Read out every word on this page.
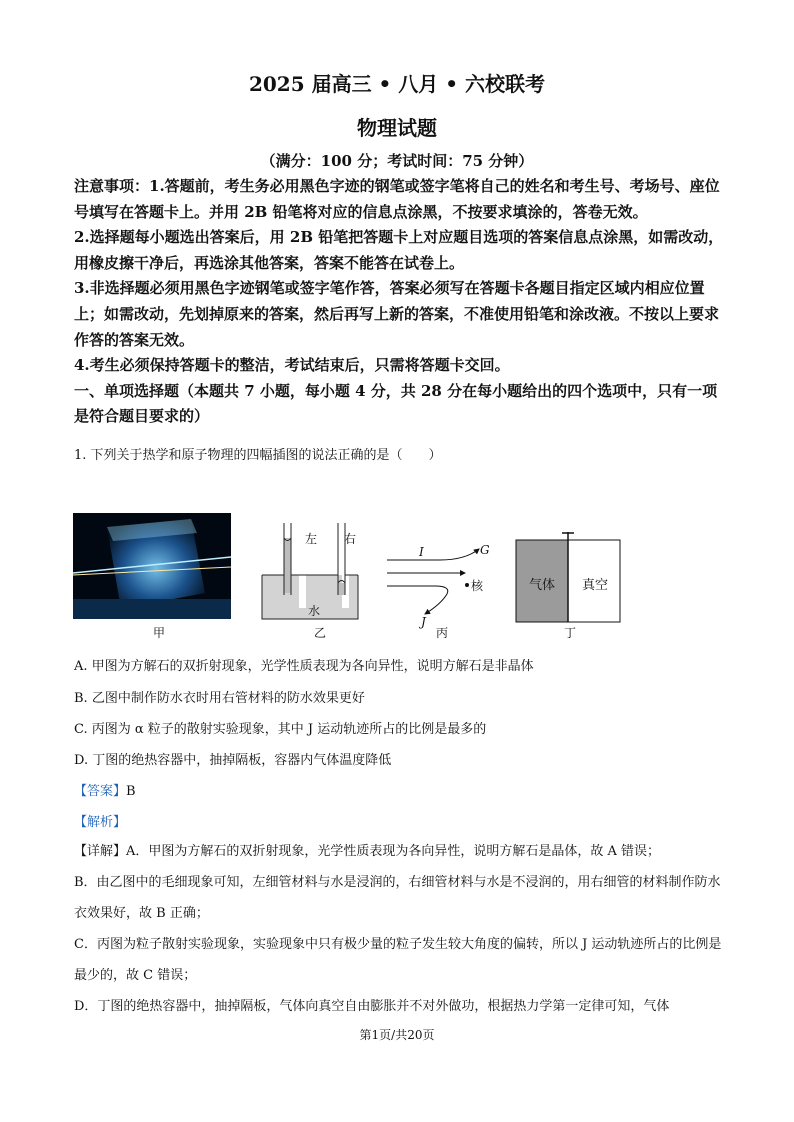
2025 届高三 • 八月 • 六校联考
物理试题
（满分：100 分；考试时间：75 分钟）

注意事项：1.答题前，考生务必用黑色字迹的钢笔或签字笔将自己的姓名和考生号、考场号、座位号填写在答题卡上。并用 2B 铅笔将对应的信息点涂黑，不按要求填涂的，答卷无效。

2.选择题每小题选出答案后，用 2B 铅笔把答题卡上对应题目选项的答案信息点涂黑，如需改动，用橡皮擦干净后，再选涂其他答案，答案不能答在试卷上。

3.非选择题必须用黑色字迹钢笔或签字笔作答，答案必须写在答题卡各题目指定区域内相应位置上；如需改动，先划掉原来的答案，然后再写上新的答案，不准使用铅笔和涂改液。不按以上要求作答的答案无效。

4.考生必须保持答题卡的整洁，考试结束后，只需将答题卡交回。

一、单项选择题（本题共 7 小题，每小题 4 分，共 28 分在每小题给出的四个选项中，只有一项是符合题目要求的）

1. 下列关于热学和原子物理的四幅插图的说法正确的是（　　）
左 右
水
I	G
核
J
气体 真空
甲	乙	丙	丁
A. 甲图为方解石的双折射现象，光学性质表现为各向异性，说明方解石是非晶体
B. 乙图中制作防水衣时用右管材料的防水效果更好
C. 丙图为 α 粒子的散射实验现象，其中 J 运动轨迹所占的比例是最多的
D. 丁图的绝热容器中，抽掉隔板，容器内气体温度降低
【答案】B
【解析】

【详解】A．甲图为方解石的双折射现象，光学性质表现为各向异性，说明方解石是晶体，故 A 错误；

B．由乙图中的毛细现象可知，左细管材料与水是浸润的，右细管材料与水是不浸润的，用右细管的材料制作防水衣效果好，故 B 正确；

C．丙图为粒子散射实验现象，实验现象中只有极少量的粒子发生较大角度的偏转，所以 J 运动轨迹所占的比例是最少的，故 C 错误；

D．丁图的绝热容器中，抽掉隔板，气体向真空自由膨胀并不对外做功，根据热力学第一定律可知，气体

第1页/共20页
